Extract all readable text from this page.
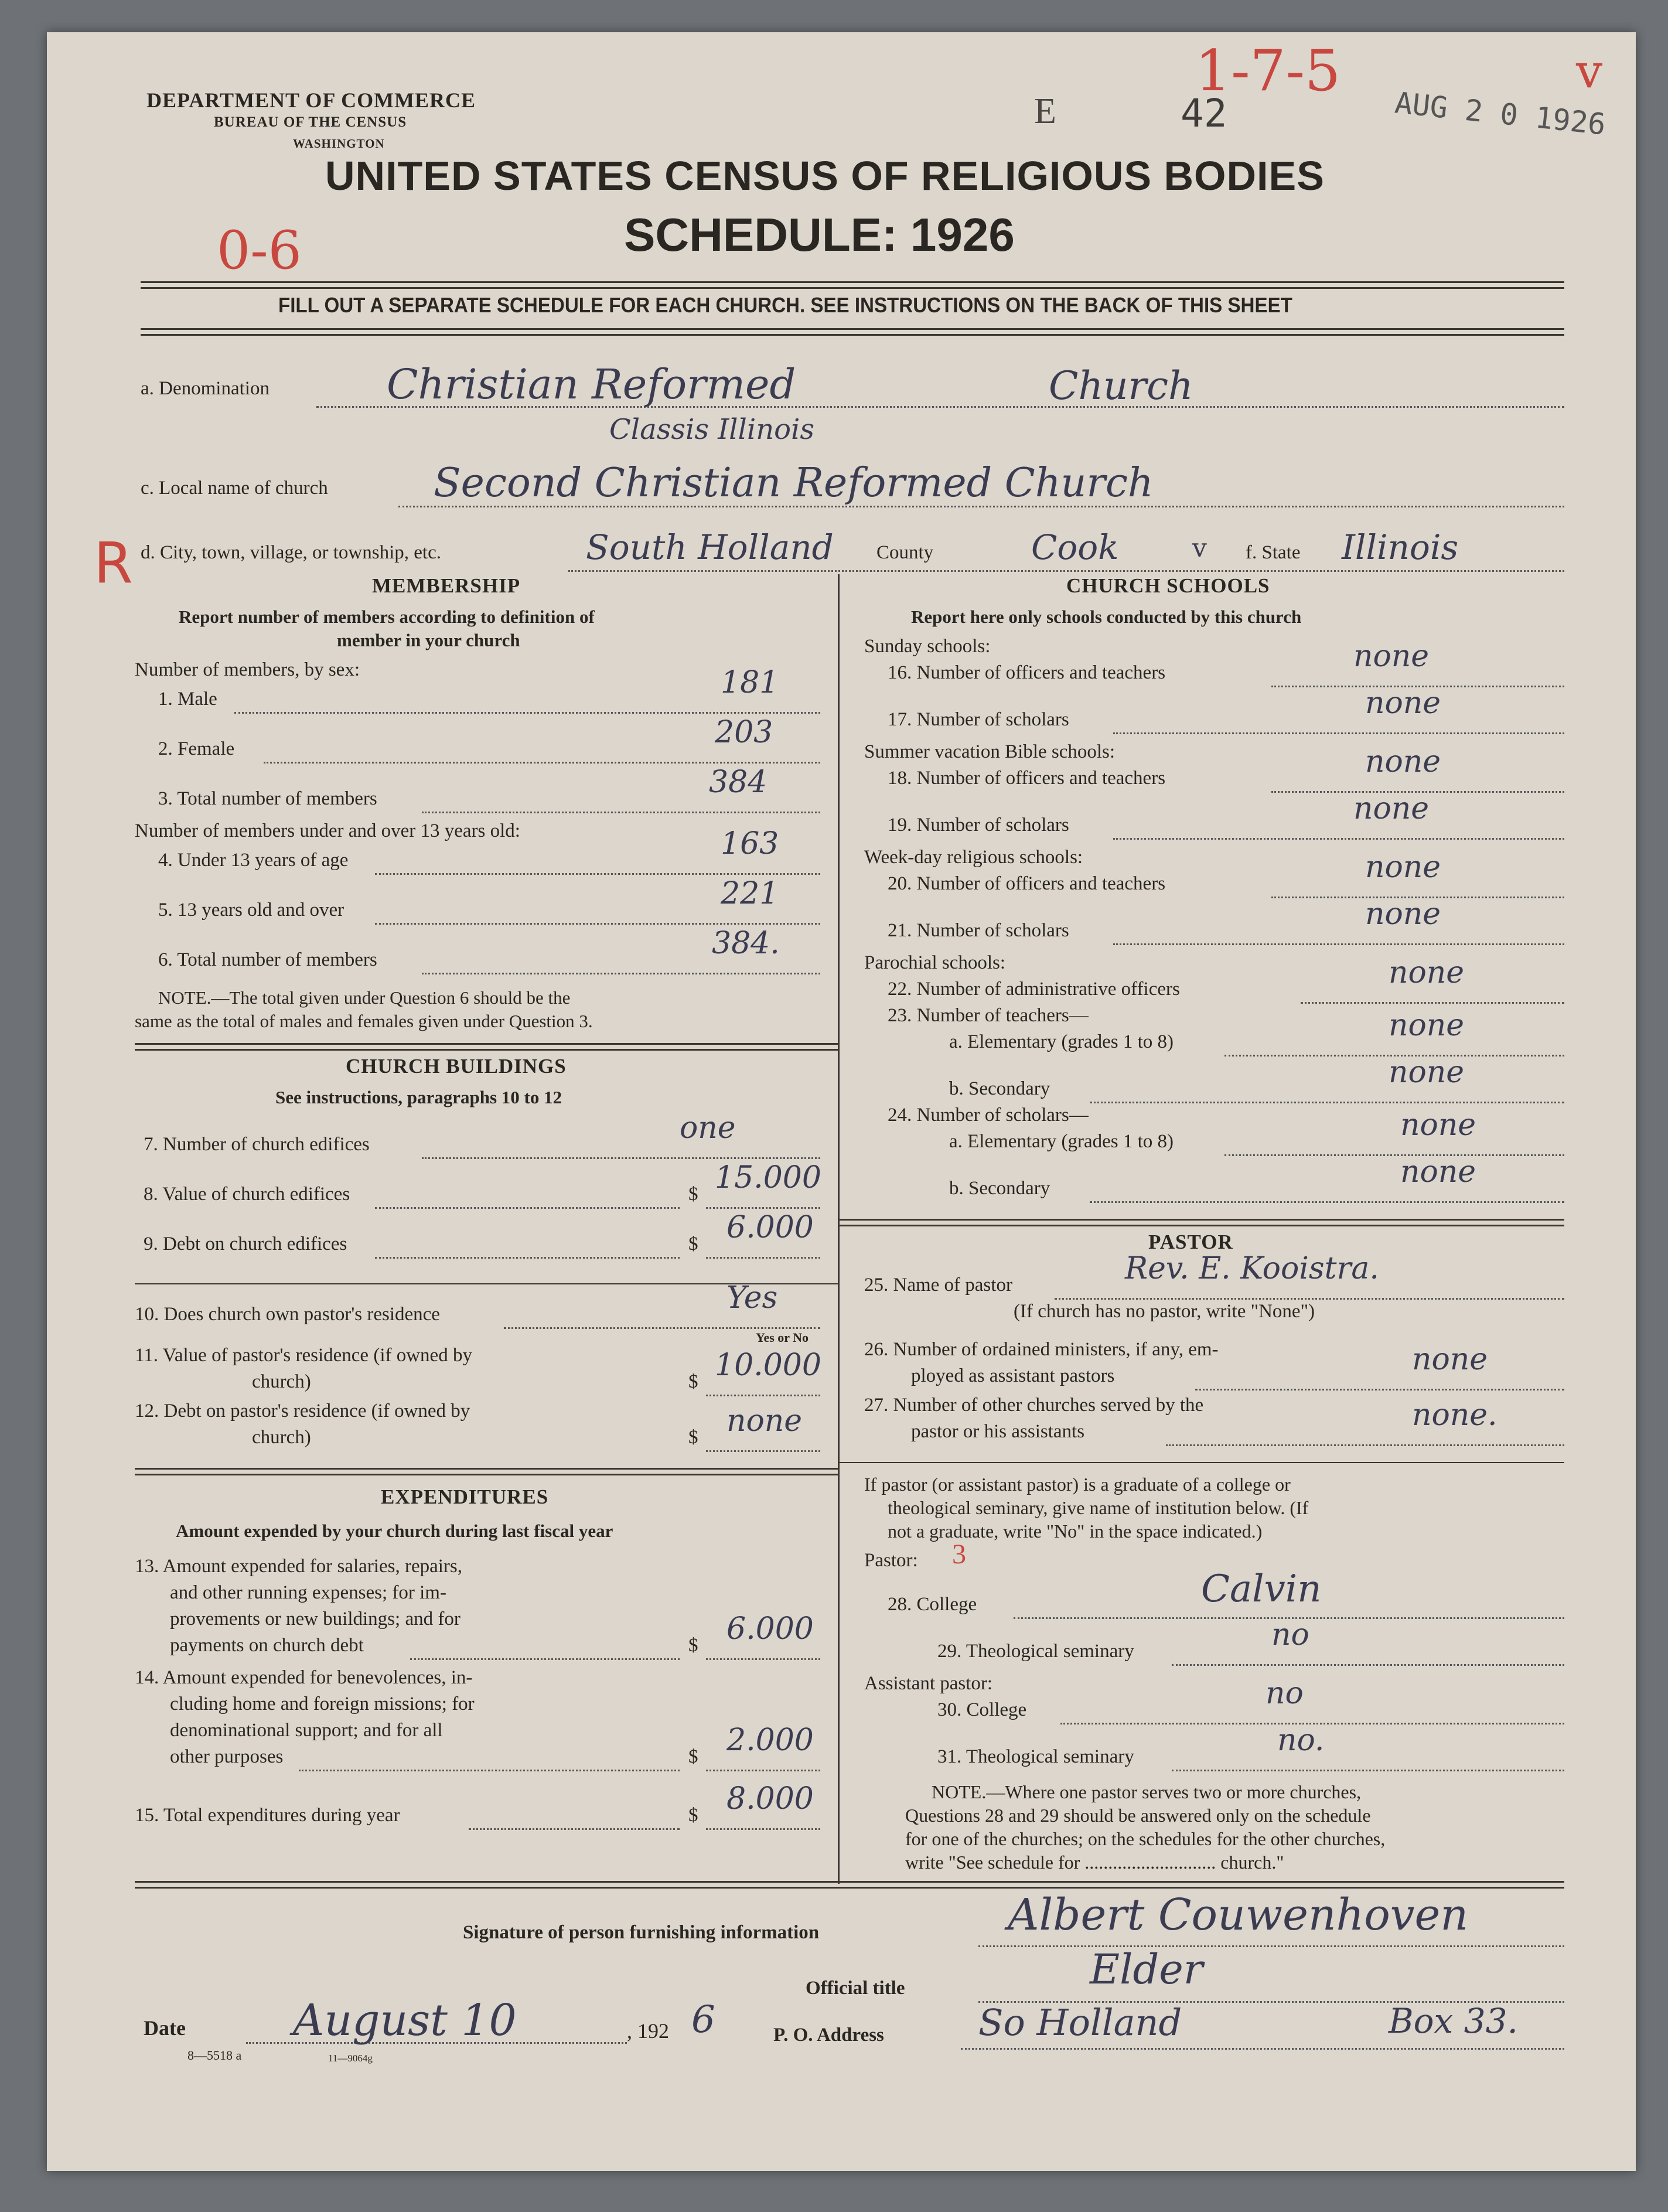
DEPARTMENT OF COMMERCE
BUREAU OF THE CENSUS
WASHINGTON
E	42	AUG 2 0 1926
1-7-5	v
UNITED STATES CENSUS OF RELIGIOUS BODIES
SCHEDULE: 1926
0-6
FILL OUT A SEPARATE SCHEDULE FOR EACH CHURCH. SEE INSTRUCTIONS ON THE BACK OF THIS SHEET
a. Denomination	Christian Reformed	Church
Classis Illinois
c. Local name of church	Second Christian Reformed Church
R d. City, town, village, or township, etc.	South Holland County	Cook	v f. State Illinois
MEMBERSHIP
Report number of members according to definition of
member in your church
Number of members, by sex:
1. Male	181
2. Female	203
3. Total number of members	384
Number of members under and over 13 years old:
4. Under 13 years of age	163
5. 13 years old and over	221
6. Total number of members	384.
NOTE.—The total given under Question 6 should be the
same as the total of males and females given under Question 3.
CHURCH BUILDINGS
See instructions, paragraphs 10 to 12
7. Number of church edifices	one
8. Value of church edifices	$ 15.000
9. Debt on church edifices	$ 6.000
10. Does church own pastor's residence	Yes
Yes or No
11. Value of pastor's residence (if owned by
church)	$ 10.000
12. Debt on pastor's residence (if owned by
church)	$ none
EXPENDITURES
Amount expended by your church during last fiscal year
13. Amount expended for salaries, repairs,
and other running expenses; for im-
provements or new buildings; and for
payments on church debt	$ 6.000
14. Amount expended for benevolences, in-
cluding home and foreign missions; for
denominational support; and for all
other purposes	$ 2.000
15. Total expenditures during year	$ 8.000
CHURCH SCHOOLS
Report here only schools conducted by this church
Sunday schools:
16. Number of officers and teachers	none
17. Number of scholars	none
Summer vacation Bible schools:
18. Number of officers and teachers	none
19. Number of scholars	none
Week-day religious schools:
20. Number of officers and teachers	none
21. Number of scholars	none
Parochial schools:
22. Number of administrative officers	none
23. Number of teachers—
a. Elementary (grades 1 to 8)	none
b. Secondary	none
24. Number of scholars—
a. Elementary (grades 1 to 8)	none
b. Secondary	none
PASTOR
25. Name of pastor	Rev. E. Kooistra.
(If church has no pastor, write "None")
26. Number of ordained ministers, if any, em-
ployed as assistant pastors	none
27. Number of other churches served by the
pastor or his assistants	none.
If pastor (or assistant pastor) is a graduate of a college or
theological seminary, give name of institution below. (If
not a graduate, write "No" in the space indicated.)
Pastor: 3
28. College	Calvin
29. Theological seminary	no
Assistant pastor:
30. College	no
31. Theological seminary	no.
NOTE.—Where one pastor serves two or more churches,
Questions 28 and 29 should be answered only on the schedule
for one of the churches; on the schedules for the other churches,
write "See schedule for ............................ church."
Signature of person furnishing information	Albert Couwenhoven
Official title	Elder
Date August 10	, 192 6	P. O. Address	So Holland	Box 33.
8—5518 a	11—9064g
